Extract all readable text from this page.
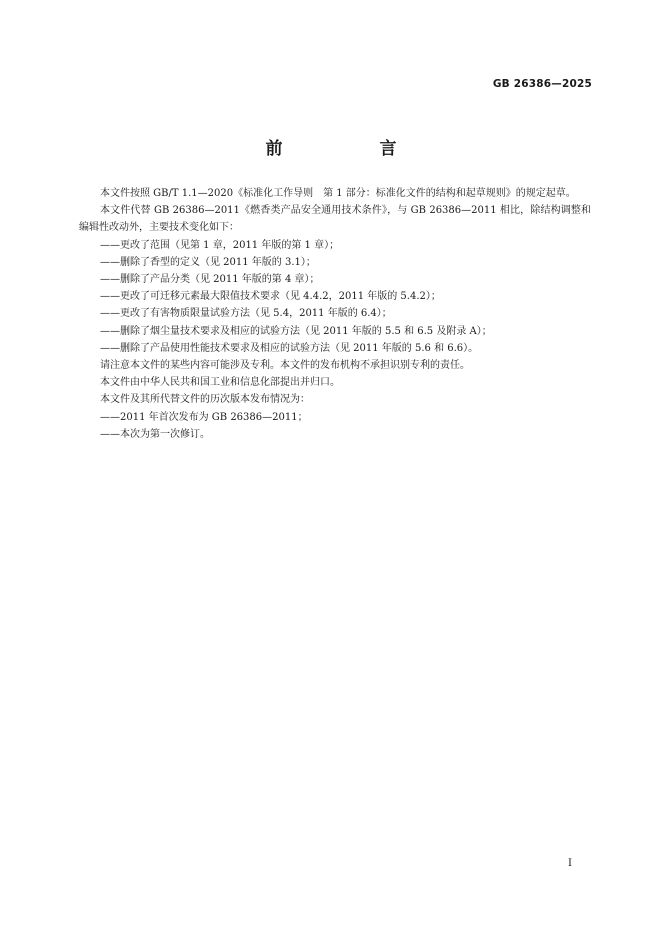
GB 26386—2025
前　言

本文件按照 GB/T 1.1—2020《标准化工作导则　第 1 部分：标准化文件的结构和起草规则》的规定起草。

本文件代替 GB 26386—2011《燃香类产品安全通用技术条件》，与 GB 26386—2011 相比，除结构调整和编辑性改动外，主要技术变化如下：

——更改了范围（见第 1 章，2011 年版的第 1 章）；

——删除了香型的定义（见 2011 年版的 3.1）；

——删除了产品分类（见 2011 年版的第 4 章）；

——更改了可迁移元素最大限值技术要求（见 4.4.2，2011 年版的 5.4.2）；

——更改了有害物质限量试验方法（见 5.4，2011 年版的 6.4）；

——删除了烟尘量技术要求及相应的试验方法（见 2011 年版的 5.5 和 6.5 及附录 A）；

——删除了产品使用性能技术要求及相应的试验方法（见 2011 年版的 5.6 和 6.6）。

请注意本文件的某些内容可能涉及专利。本文件的发布机构不承担识别专利的责任。

本文件由中华人民共和国工业和信息化部提出并归口。

本文件及其所代替文件的历次版本发布情况为：

——2011 年首次发布为 GB 26386—2011；

——本次为第一次修订。

I
